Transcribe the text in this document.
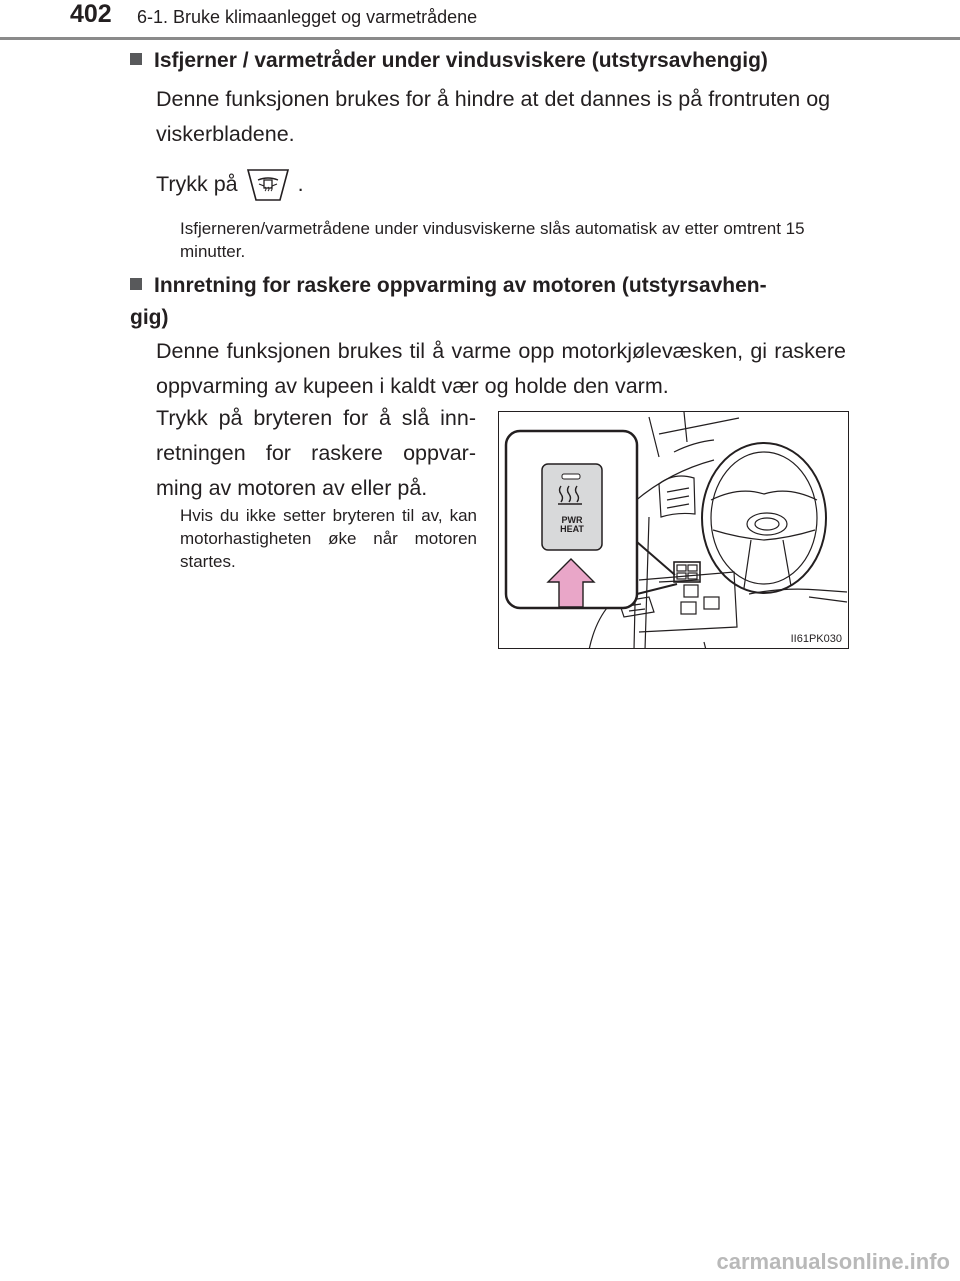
402 6-1. Bruke klimaanlegget og varmetrådene
Isfjerner / varmetråder under vindusviskere (utstyrsavhengig)
Denne funksjonen brukes for å hindre at det dannes is på frontruten og viskerbladene.
Trykk på	.
Isfjerneren/varmetrådene under vindusviskerne slås automatisk av etter omtrent 15 minutter.
Innretning for raskere oppvarming av motoren (utstyrsavhen-
gig)
Denne funksjonen brukes til å varme opp motorkjølevæsken, gi raskere oppvarming av kupeen i kaldt vær og holde den varm.
Trykk på bryteren for å slå inn-retningen for raskere oppvar-ming av motoren av eller på.
Hvis du ikke setter bryteren til av, kan motorhastigheten øke når motoren startes.
PWR
HEAT
II61PK030
carmanualsonline.info
